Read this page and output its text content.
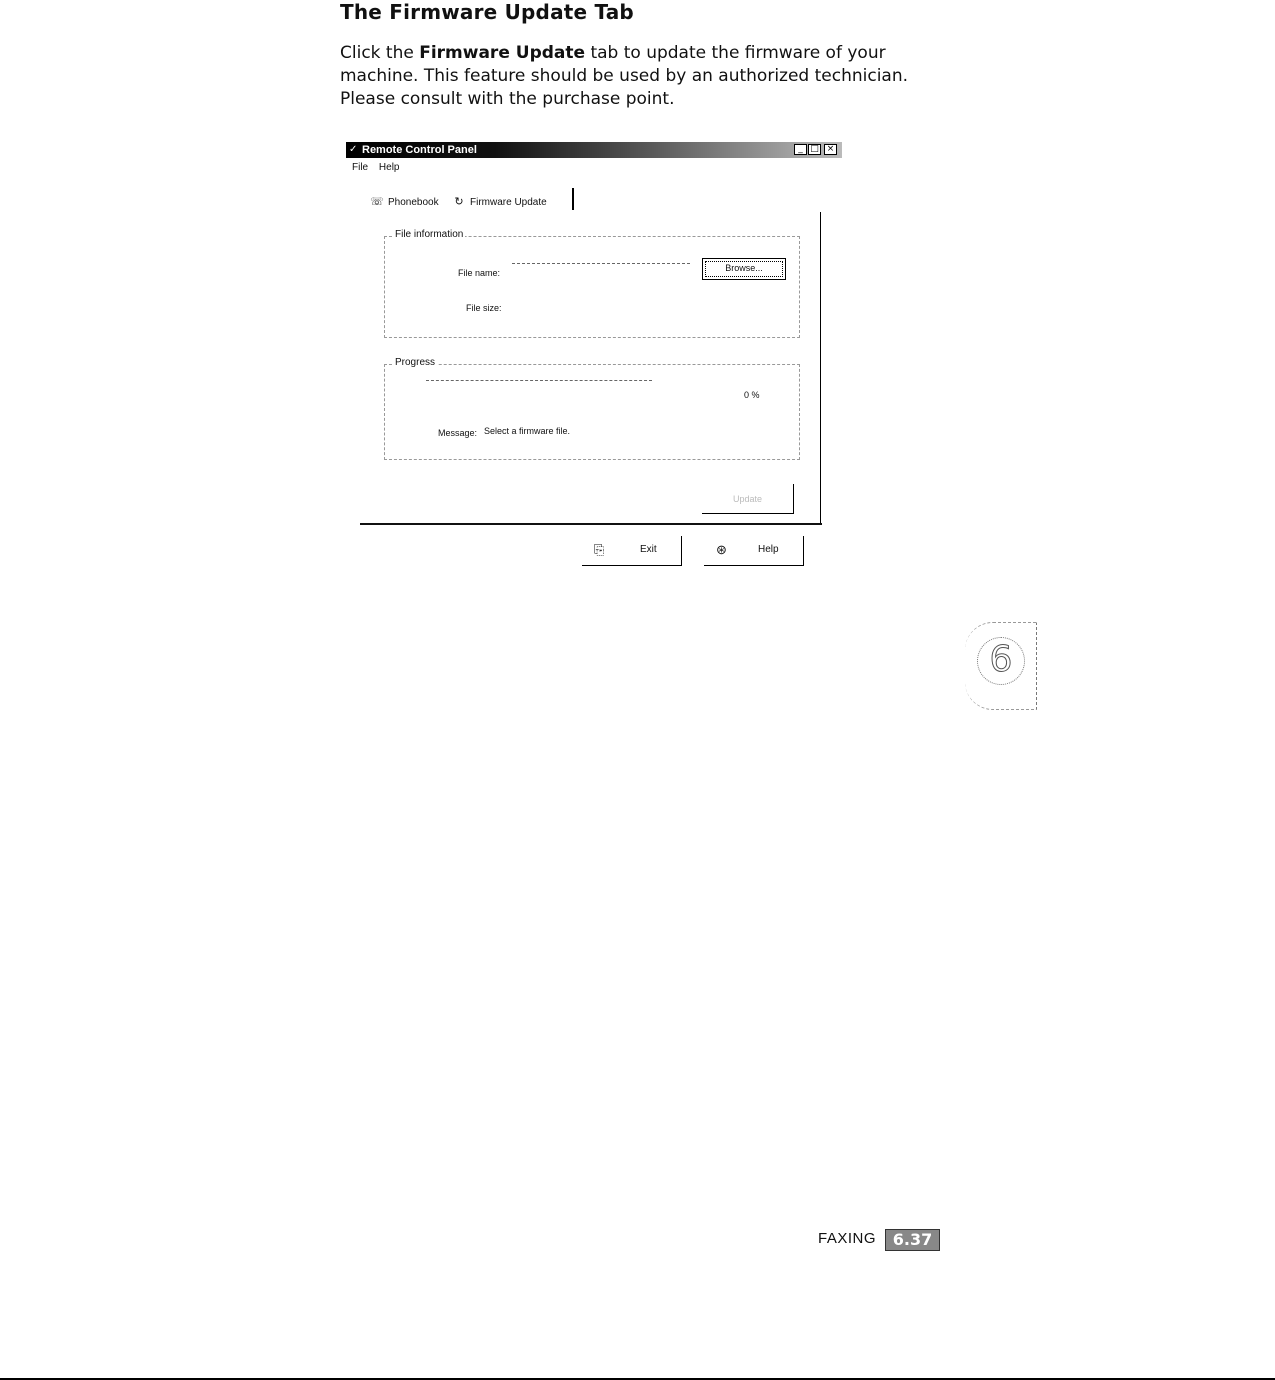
The Firmware Update Tab
Click the Firmware Update tab to update the firmware of your machine. This feature should be used by an authorized technician. Please consult with the purchase point.
✓ Remote Control Panel	_ □ ×
File Help
☏ Phonebook ↻ Firmware Update
File information
File name:
File size:
Browse...
Progress
0 %
Message: Select a firmware file.
Update
⎘	Exit	⊛	Help
6
FAXING	6.37
